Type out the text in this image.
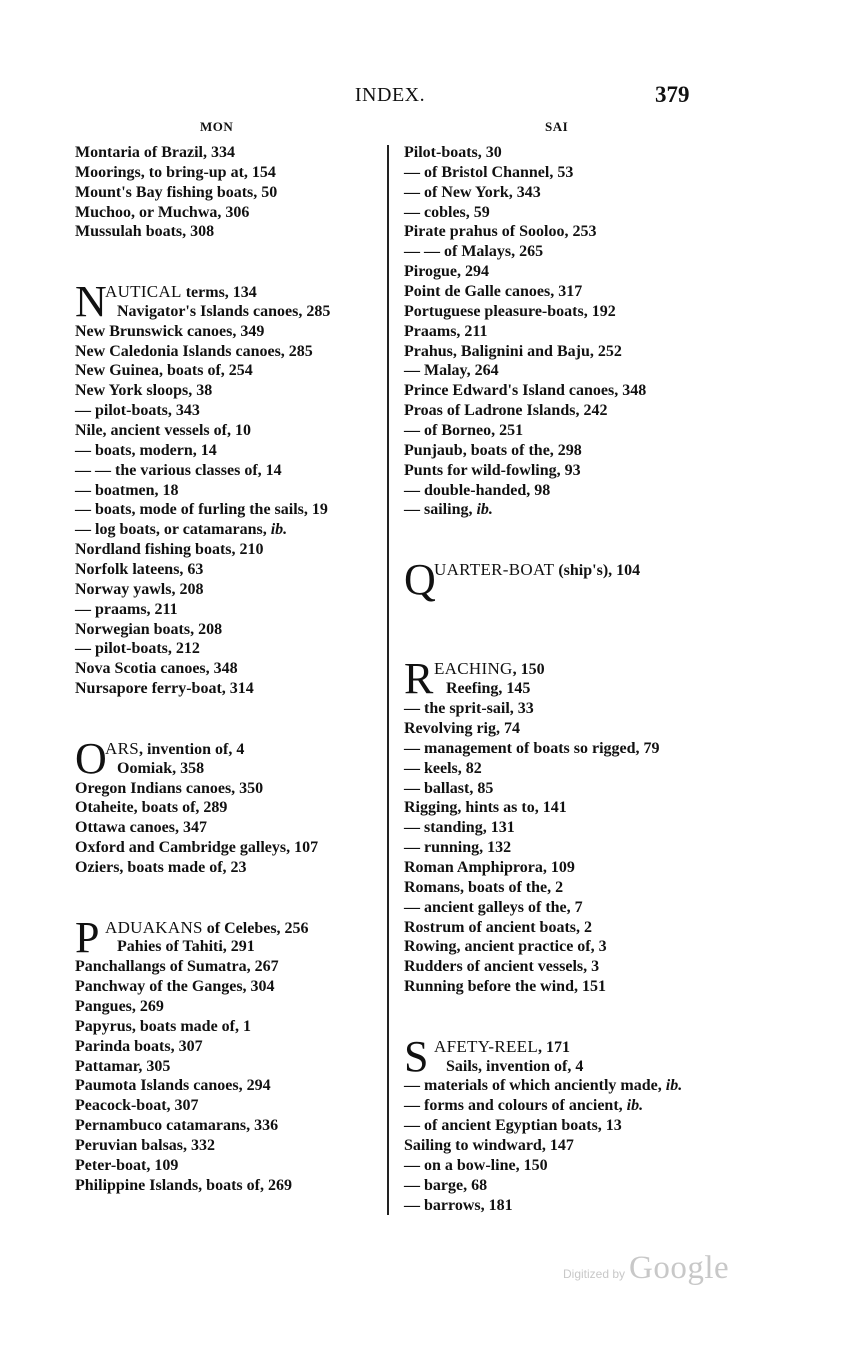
INDEX.	379
MON	SAI
Montaria of Brazil, 334
Moorings, to bring-up at, 154
Mount's Bay fishing boats, 50
Muchoo, or Muchwa, 306
Mussulah boats, 308
N
AUTICAL terms, 134
Navigator's Islands canoes, 285
New Brunswick canoes, 349
New Caledonia Islands canoes, 285
New Guinea, boats of, 254
New York sloops, 38
— pilot-boats, 343
Nile, ancient vessels of, 10
— boats, modern, 14
— — the various classes of, 14
— boatmen, 18
— boats, mode of furling the sails, 19
— log boats, or catamarans, ib.
Nordland fishing boats, 210
Norfolk lateens, 63
Norway yawls, 208
— praams, 211
Norwegian boats, 208
— pilot-boats, 212
Nova Scotia canoes, 348
Nursapore ferry-boat, 314
O
ARS, invention of, 4
Oomiak, 358
Oregon Indians canoes, 350
Otaheite, boats of, 289
Ottawa canoes, 347
Oxford and Cambridge galleys, 107
Oziers, boats made of, 23
P ADUAKANS of Celebes, 256
Pahies of Tahiti, 291
Panchallangs of Sumatra, 267
Panchway of the Ganges, 304
Pangues, 269
Papyrus, boats made of, 1
Parinda boats, 307
Pattamar, 305
Paumota Islands canoes, 294
Peacock-boat, 307
Pernambuco catamarans, 336
Peruvian balsas, 332
Peter-boat, 109
Philippine Islands, boats of, 269
Pilot-boats, 30
— of Bristol Channel, 53
— of New York, 343
— cobles, 59
Pirate prahus of Sooloo, 253
— — of Malays, 265
Pirogue, 294
Point de Galle canoes, 317
Portuguese pleasure-boats, 192
Praams, 211
Prahus, Balignini and Baju, 252
— Malay, 264
Prince Edward's Island canoes, 348
Proas of Ladrone Islands, 242
— of Borneo, 251
Punjaub, boats of the, 298
Punts for wild-fowling, 93
— double-handed, 98
— sailing, ib.
Q
UARTER-BOAT (ship's), 104
R EACHING, 150
Reefing, 145
— the sprit-sail, 33
Revolving rig, 74
— management of boats so rigged, 79
— keels, 82
— ballast, 85
Rigging, hints as to, 141
— standing, 131
— running, 132
Roman Amphiprora, 109
Romans, boats of the, 2
— ancient galleys of the, 7
Rostrum of ancient boats, 2
Rowing, ancient practice of, 3
Rudders of ancient vessels, 3
Running before the wind, 151
S AFETY-REEL, 171
Sails, invention of, 4
— materials of which anciently made, ib.
— forms and colours of ancient, ib.
— of ancient Egyptian boats, 13
Sailing to windward, 147
— on a bow-line, 150
— barge, 68
— barrows, 181
Digitized by Google
